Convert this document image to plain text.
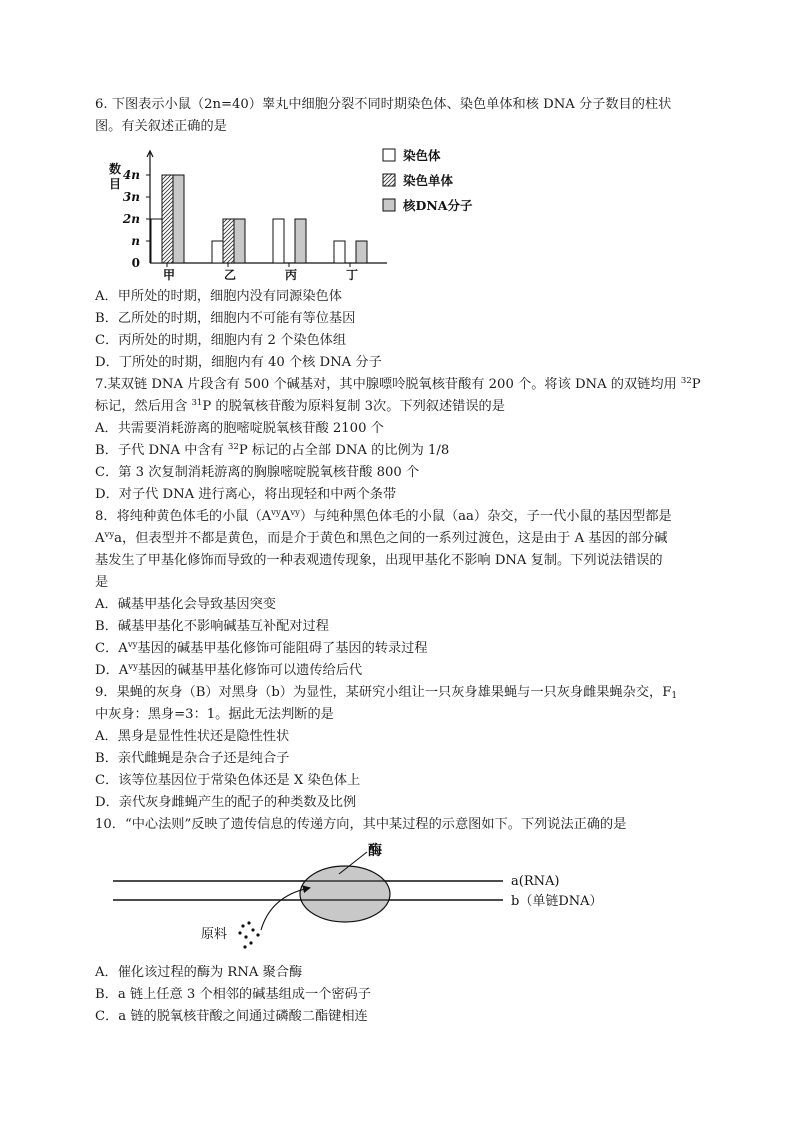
6. 下图表示小鼠（2n=40）睾丸中细胞分裂不同时期染色体、染色单体和核 DNA 分子数目的柱状
图。有关叙述正确的是
数
目
0
n
2n
3n
4n
甲	乙	丙	丁
染色体
染色单体
核DNA分子
A．甲所处的时期，细胞内没有同源染色体
B．乙所处的时期，细胞内不可能有等位基因
C．丙所处的时期，细胞内有 2 个染色体组
D．丁所处的时期，细胞内有 40 个核 DNA 分子
7.某双链 DNA 片段含有 500 个碱基对，其中腺嘌呤脱氧核苷酸有 200 个。将该 DNA 的双链均用 $^{32}$P
标记，然后用含 $^{31}$P 的脱氧核苷酸为原料复制 3次。下列叙述错误的是
A．共需要消耗游离的胞嘧啶脱氧核苷酸 2100 个
B．子代 DNA 中含有 $^{32}$P 标记的占全部 DNA 的比例为 1/8
C．第 3 次复制消耗游离的胸腺嘧啶脱氧核苷酸 800 个
D．对子代 DNA 进行离心，将出现轻和中两个条带
8．将纯种黄色体毛的小鼠$(A^{vy}A^{vy})$与纯种黑色体毛的小鼠（aa）杂交，子一代小鼠的基因型都是
$A^{vy}a$，但表型并不都是黄色，而是介于黄色和黑色之间的一系列过渡色，这是由于 A 基因的部分碱
基发生了甲基化修饰而导致的一种表观遗传现象，出现甲基化不影响 DNA 复制。下列说法错误的
是
A．碱基甲基化会导致基因突变
B．碱基甲基化不影响碱基互补配对过程
C．$A^{vy}$基因的碱基甲基化修饰可能阻碍了基因的转录过程
D．$A^{vy}$基因的碱基甲基化修饰可以遗传给后代
9．果蝇的灰身（B）对黑身（b）为显性，某研究小组让一只灰身雄果蝇与一只灰身雌果蝇杂交，$F_1$
中灰身：黑身=3：1。据此无法判断的是
A．黑身是显性性状还是隐性性状
B．亲代雌蝇是杂合子还是纯合子
C．该等位基因位于常染色体还是 X 染色体上
D．亲代灰身雌蝇产生的配子的种类数及比例
10．“中心法则”反映了遗传信息的传递方向，其中某过程的示意图如下。下列说法正确的是
酶
a(RNA)
b（单链DNA）
原料
A．催化该过程的酶为 RNA 聚合酶
B．a 链上任意 3 个相邻的碱基组成一个密码子
C．a 链的脱氧核苷酸之间通过磷酸二酯键相连
